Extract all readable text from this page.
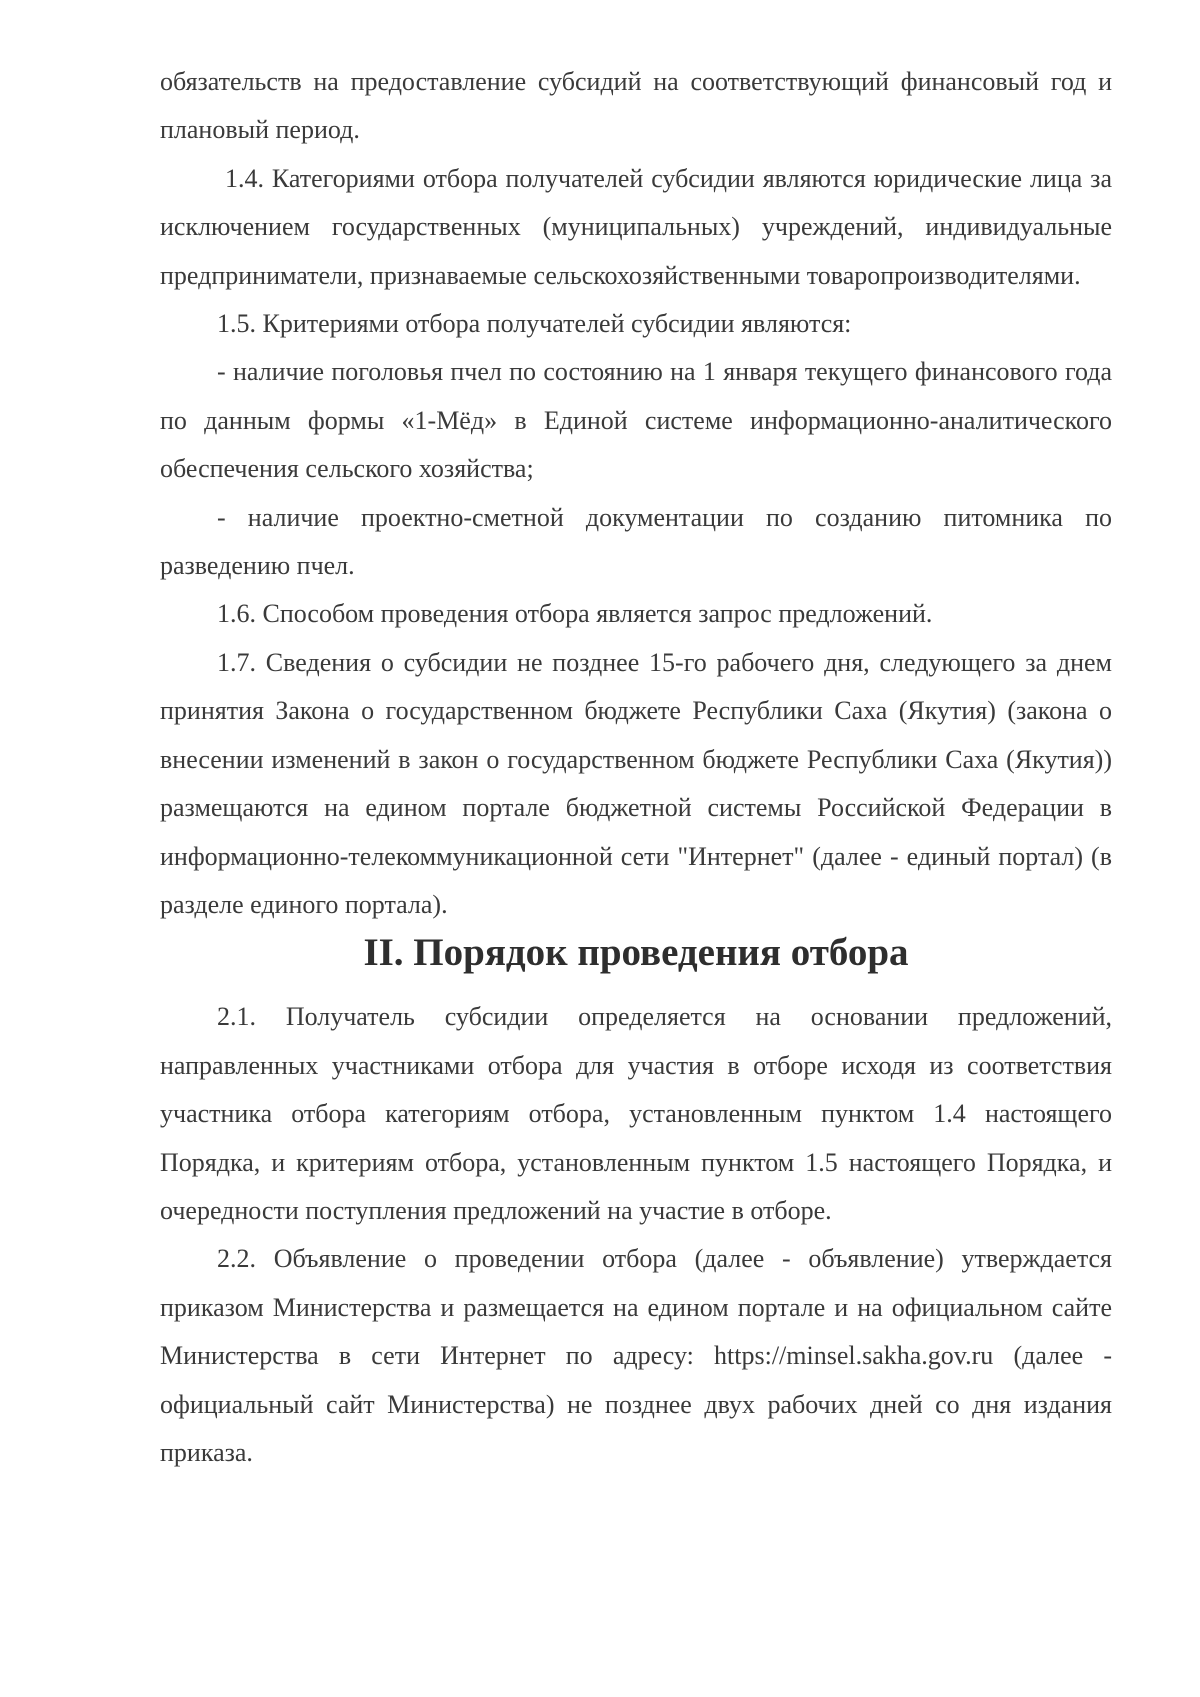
обязательств на предоставление субсидий на соответствующий финансовый год и плановый период.

1.4. Категориями отбора получателей субсидии являются юридические лица за исключением государственных (муниципальных) учреждений, индивидуальные предприниматели, признаваемые сельскохозяйственными товаропроизводителями.

1.5. Критериями отбора получателей субсидии являются:

- наличие поголовья пчел по состоянию на 1 января текущего финансового года по данным формы «1-Мёд» в Единой системе информационно-аналитического обеспечения сельского хозяйства;

- наличие проектно-сметной документации по созданию питомника по разведению пчел.

1.6. Способом проведения отбора является запрос предложений.

1.7. Сведения о субсидии не позднее 15-го рабочего дня, следующего за днем принятия Закона о государственном бюджете Республики Саха (Якутия) (закона о внесении изменений в закон о государственном бюджете Республики Саха (Якутия)) размещаются на едином портале бюджетной системы Российской Федерации в информационно-телекоммуникационной сети "Интернет" (далее - единый портал) (в разделе единого портала).

II. Порядок проведения отбора

2.1. Получатель субсидии определяется на основании предложений, направленных участниками отбора для участия в отборе исходя из соответствия участника отбора категориям отбора, установленным пунктом 1.4 настоящего Порядка, и критериям отбора, установленным пунктом 1.5 настоящего Порядка, и очередности поступления предложений на участие в отборе.

2.2. Объявление о проведении отбора (далее - объявление) утверждается приказом Министерства и размещается на едином портале и на официальном сайте Министерства в сети Интернет по адресу: https://minsel.sakha.gov.ru (далее - официальный сайт Министерства) не позднее двух рабочих дней со дня издания приказа.
